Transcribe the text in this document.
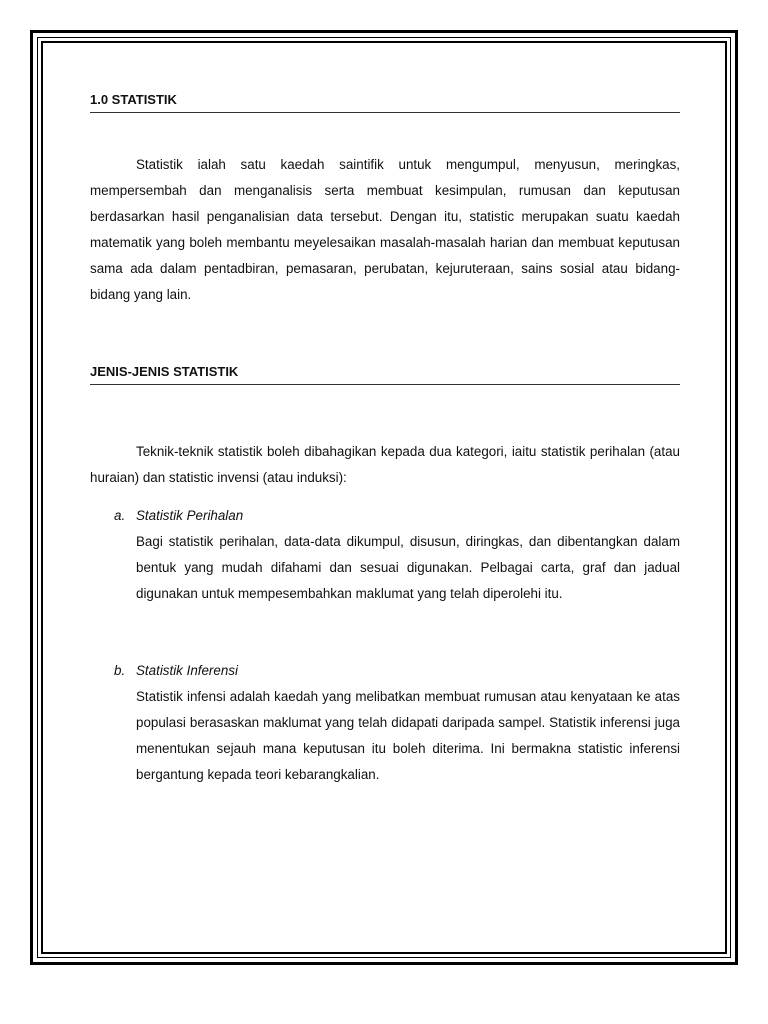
1.0 STATISTIK

Statistik ialah satu kaedah saintifik untuk mengumpul, menyusun, meringkas, mempersembah dan menganalisis serta membuat kesimpulan, rumusan dan keputusan berdasarkan hasil penganalisian data tersebut. Dengan itu, statistic merupakan suatu kaedah matematik yang boleh membantu meyelesaikan masalah-masalah harian dan membuat keputusan sama ada dalam pentadbiran, pemasaran, perubatan, kejuruteraan, sains sosial atau bidang-bidang yang lain.

JENIS-JENIS STATISTIK

Teknik-teknik statistik boleh dibahagikan kepada dua kategori, iaitu statistik perihalan (atau huraian) dan statistic invensi (atau induksi):

a. Statistik Perihalan

Bagi statistik perihalan, data-data dikumpul, disusun, diringkas, dan dibentangkan dalam bentuk yang mudah difahami dan sesuai digunakan. Pelbagai carta, graf dan jadual digunakan untuk mempesembahkan maklumat yang telah diperolehi itu.

b. Statistik Inferensi

Statistik infensi adalah kaedah yang melibatkan membuat rumusan atau kenyataan ke atas populasi berasaskan maklumat yang telah didapati daripada sampel. Statistik inferensi juga menentukan sejauh mana keputusan itu boleh diterima. Ini bermakna statistic inferensi bergantung kepada teori kebarangkalian.
